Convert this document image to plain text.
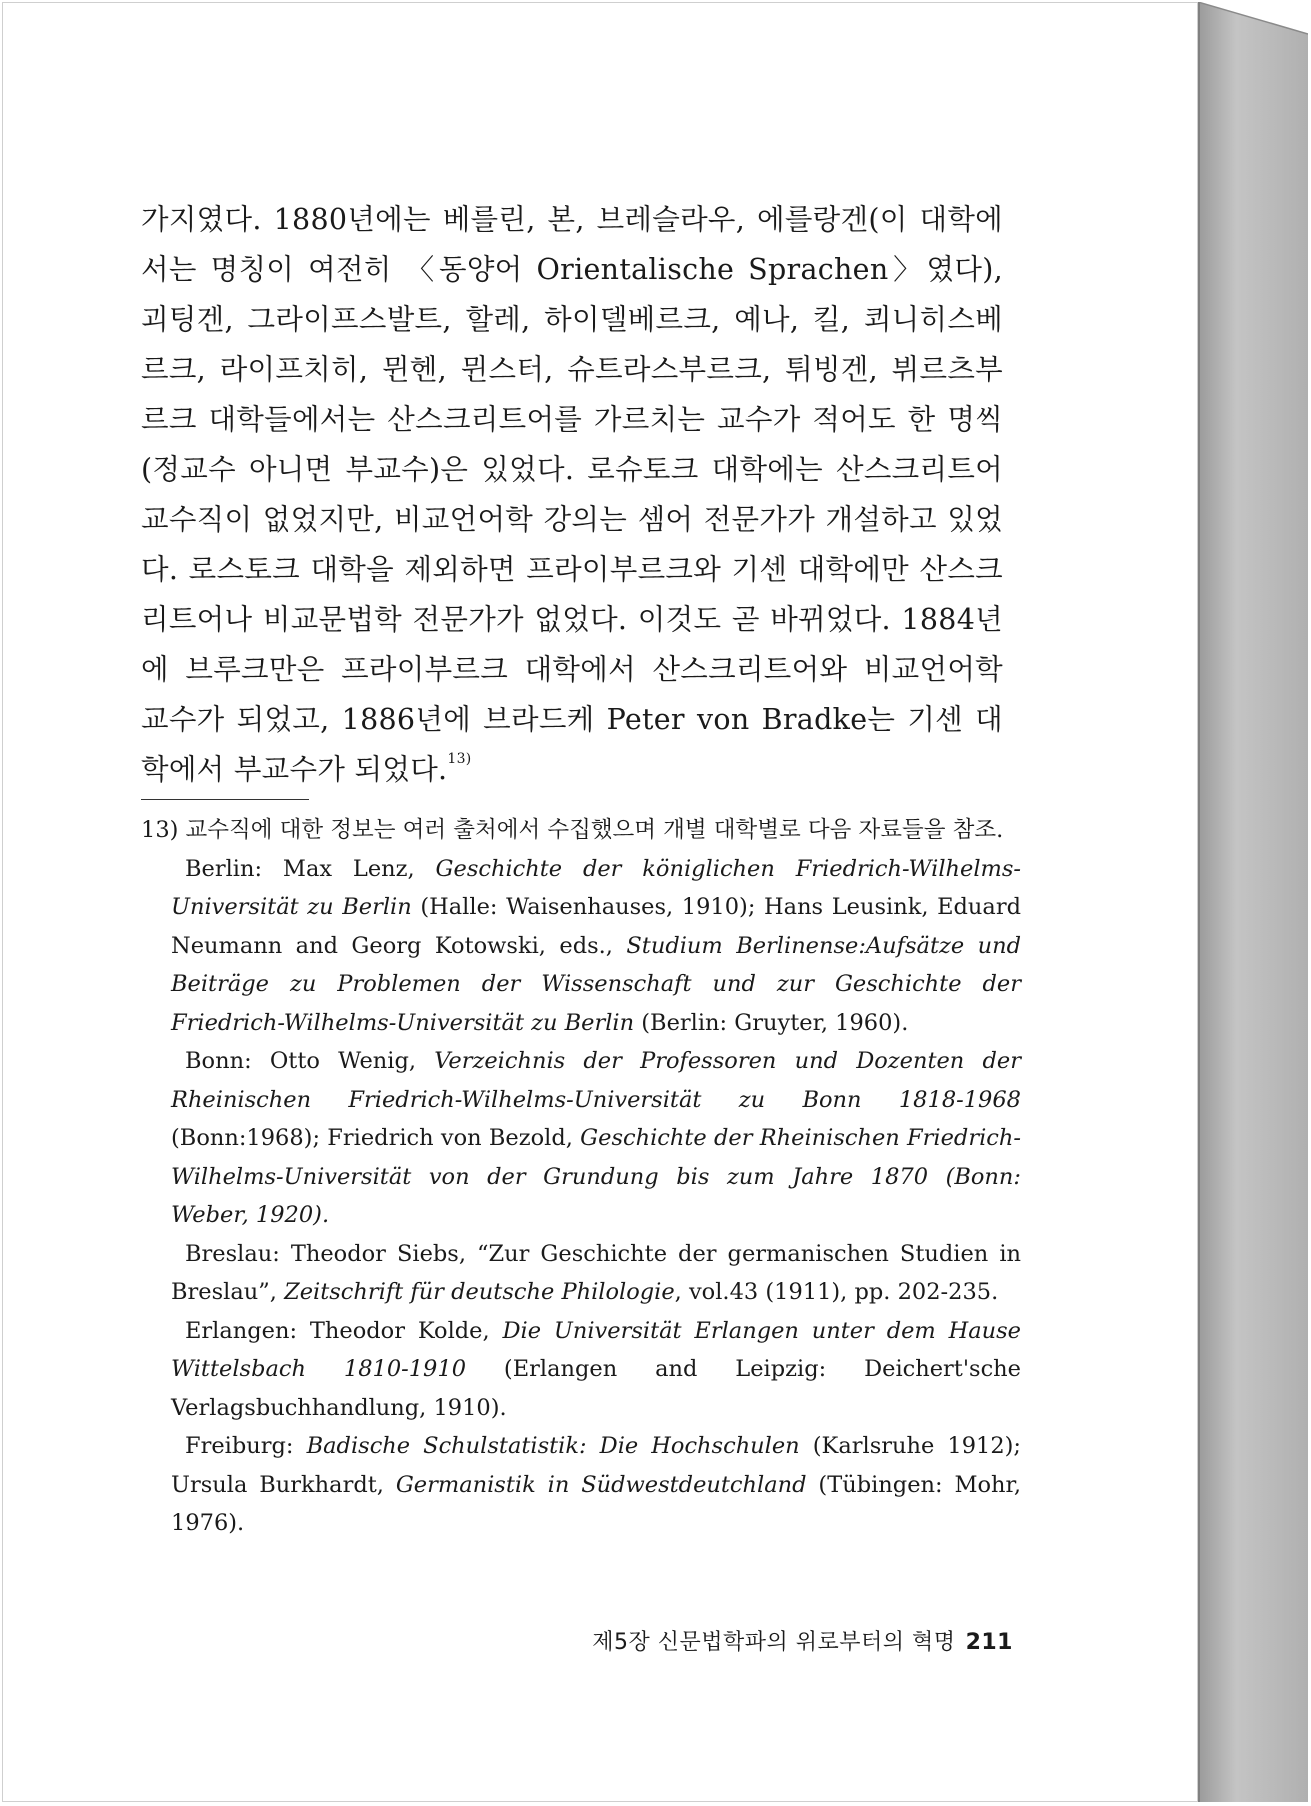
가지였다. 1880년에는 베를린, 본, 브레슬라우, 에를랑겐(이 대학에서는 명칭이 여전히 〈동양어 Orientalische Sprachen〉였다), 괴팅겐, 그라이프스발트, 할레, 하이델베르크, 예나, 킬, 쾨니히스베르크, 라이프치히, 뮌헨, 뮌스터, 슈트라스부르크, 튀빙겐, 뷔르츠부르크 대학들에서는 산스크리트어를 가르치는 교수가 적어도 한 명씩(정교수 아니면 부교수)은 있었다. 로슈토크 대학에는 산스크리트어 교수직이 없었지만, 비교언어학 강의는 셈어 전문가가 개설하고 있었다. 로스토크 대학을 제외하면 프라이부르크와 기센 대학에만 산스크리트어나 비교문법학 전문가가 없었다. 이것도 곧 바뀌었다. 1884년에 브루크만은 프라이부르크 대학에서 산스크리트어와 비교언어학 교수가 되었고, 1886년에 브라드케 Peter von Bradke는 기센 대학에서 부교수가 되었다.$^{13)}$

13) 교수직에 대한 정보는 여러 출처에서 수집했으며 개별 대학별로 다음 자료들을 참조.

Berlin: Max Lenz, Geschichte der königlichen Friedrich-Wilhelms-Universität zu Berlin (Halle: Waisenhauses, 1910); Hans Leusink, Eduard Neumann and Georg Kotowski, eds., Studium Berlinense:Aufsätze und Beiträge zu Problemen der Wissenschaft und zur Geschichte der Friedrich-Wilhelms-Universität zu Berlin (Berlin: Gruyter, 1960).

Bonn: Otto Wenig, Verzeichnis der Professoren und Dozenten der Rheinischen Friedrich-Wilhelms-Universität zu Bonn 1818-1968 (Bonn:1968); Friedrich von Bezold, Geschichte der Rheinischen Friedrich-Wilhelms-Universität von der Grundung bis zum Jahre 1870 (Bonn: Weber, 1920).

Breslau: Theodor Siebs, “Zur Geschichte der germanischen Studien in Breslau”, Zeitschrift für deutsche Philologie, vol.43 (1911), pp. 202-235.

Erlangen: Theodor Kolde, Die Universität Erlangen unter dem Hause Wittelsbach 1810-1910 (Erlangen and Leipzig: Deichert'sche Verlagsbuchhandlung, 1910).

Freiburg: Badische Schulstatistik: Die Hochschulen (Karlsruhe 1912); Ursula Burkhardt, Germanistik in Südwestdeutchland (Tübingen: Mohr, 1976).

제5장 신문법학파의 위로부터의 혁명 211
